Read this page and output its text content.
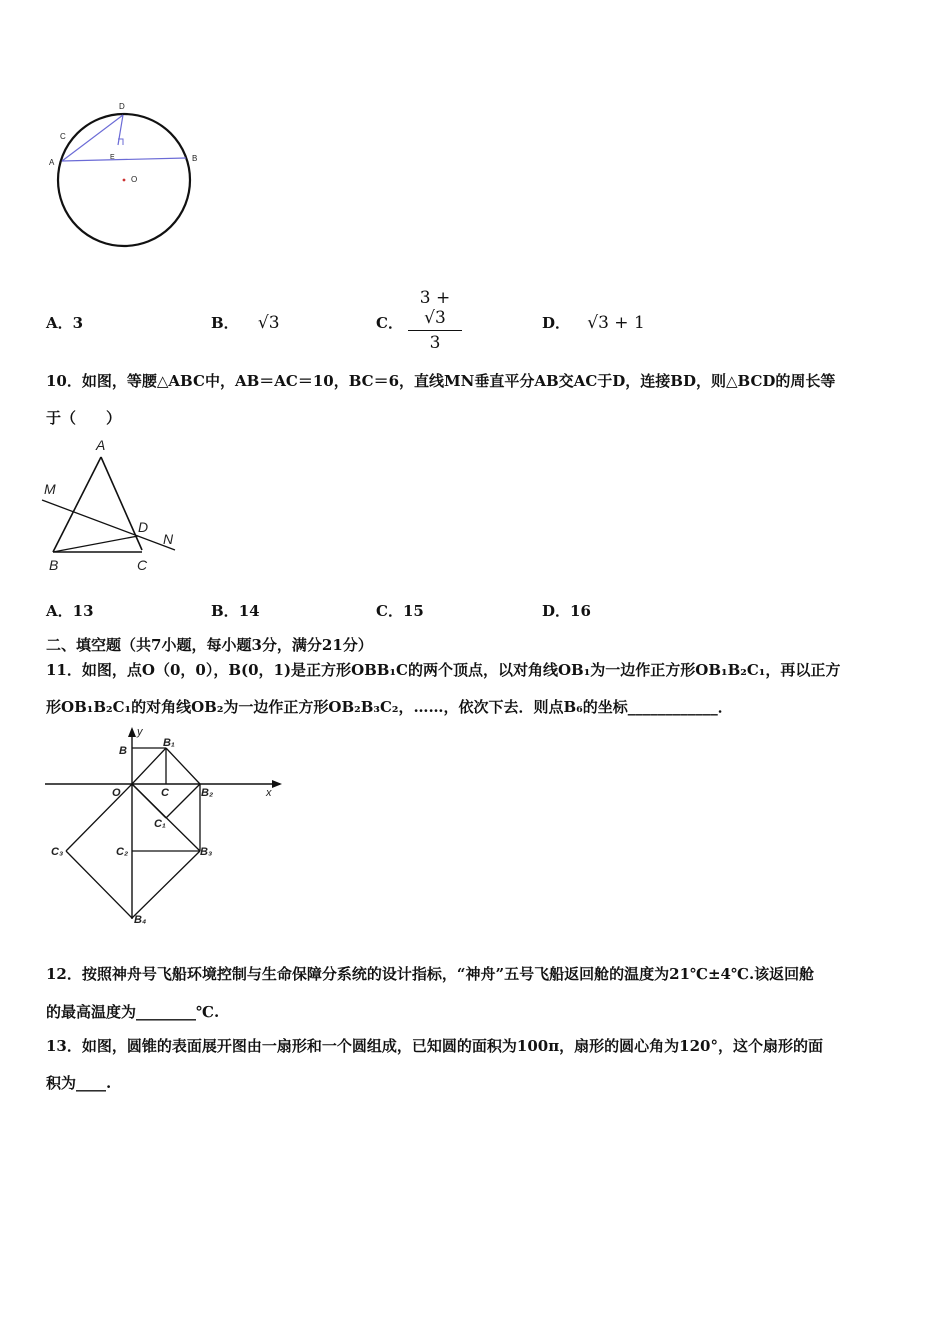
A	B
C
D
E
O
A．3	B． √3	C．
3 + √3
3
D． √3 + 1
10．如图，等腰△ABC中，AB＝AC＝10，BC＝6，直线MN垂直平分AB交AC于D，连接BD，则△BCD的周长等
于（　　）
A
M
D
N
B	C
A．13	B．14	C．15	D．16
二、填空题（共7小题，每小题3分，满分21分）
11．如图，点O（0，0），B(0，1)是正方形OBB₁C的两个顶点，以对角线OB₁为一边作正方形OB₁B₂C₁，再以正方
形OB₁B₂C₁的对角线OB₂为一边作正方形OB₂B₃C₂，……，依次下去．则点B₆的坐标____________．
y
x
B
B₁
O	C	B₂
C₁
C₂	B₃
C₃
B₄
12．按照神舟号飞船环境控制与生命保障分系统的设计指标，“神舟”五号飞船返回舱的温度为21℃±4℃.该返回舱
的最高温度为________℃.
13．如图，圆锥的表面展开图由一扇形和一个圆组成，已知圆的面积为100π，扇形的圆心角为120°，这个扇形的面
积为____.
